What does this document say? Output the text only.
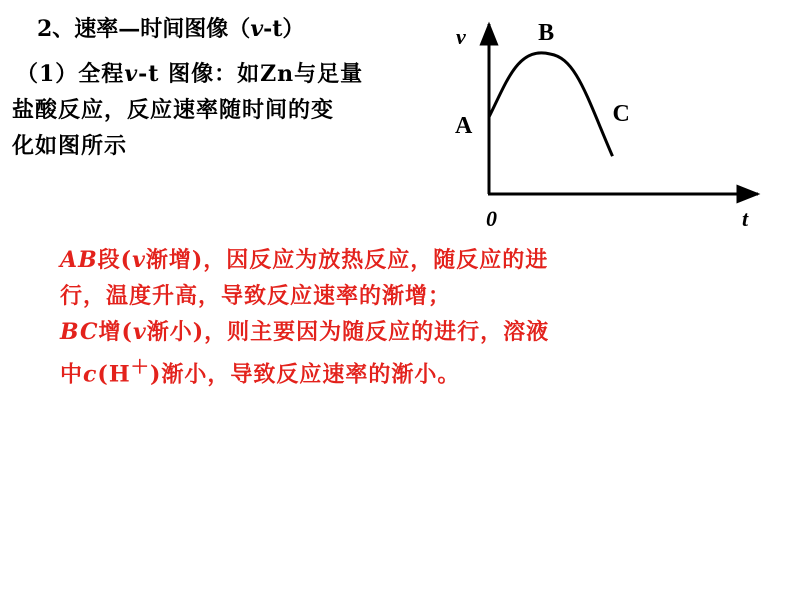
2、速率—时间图像（v-t）

（1）全程v-t 图像：如Zn与足量

盐酸反应，反应速率随时间的变

化如图所示

v
t
0
A
B
C

AB段(v渐增)，因反应为放热反应，随反应的进

行，温度升高，导致反应速率的渐增；

BC增(v渐小)，则主要因为随反应的进行，溶液

中c(H＋)渐小，导致反应速率的渐小。
